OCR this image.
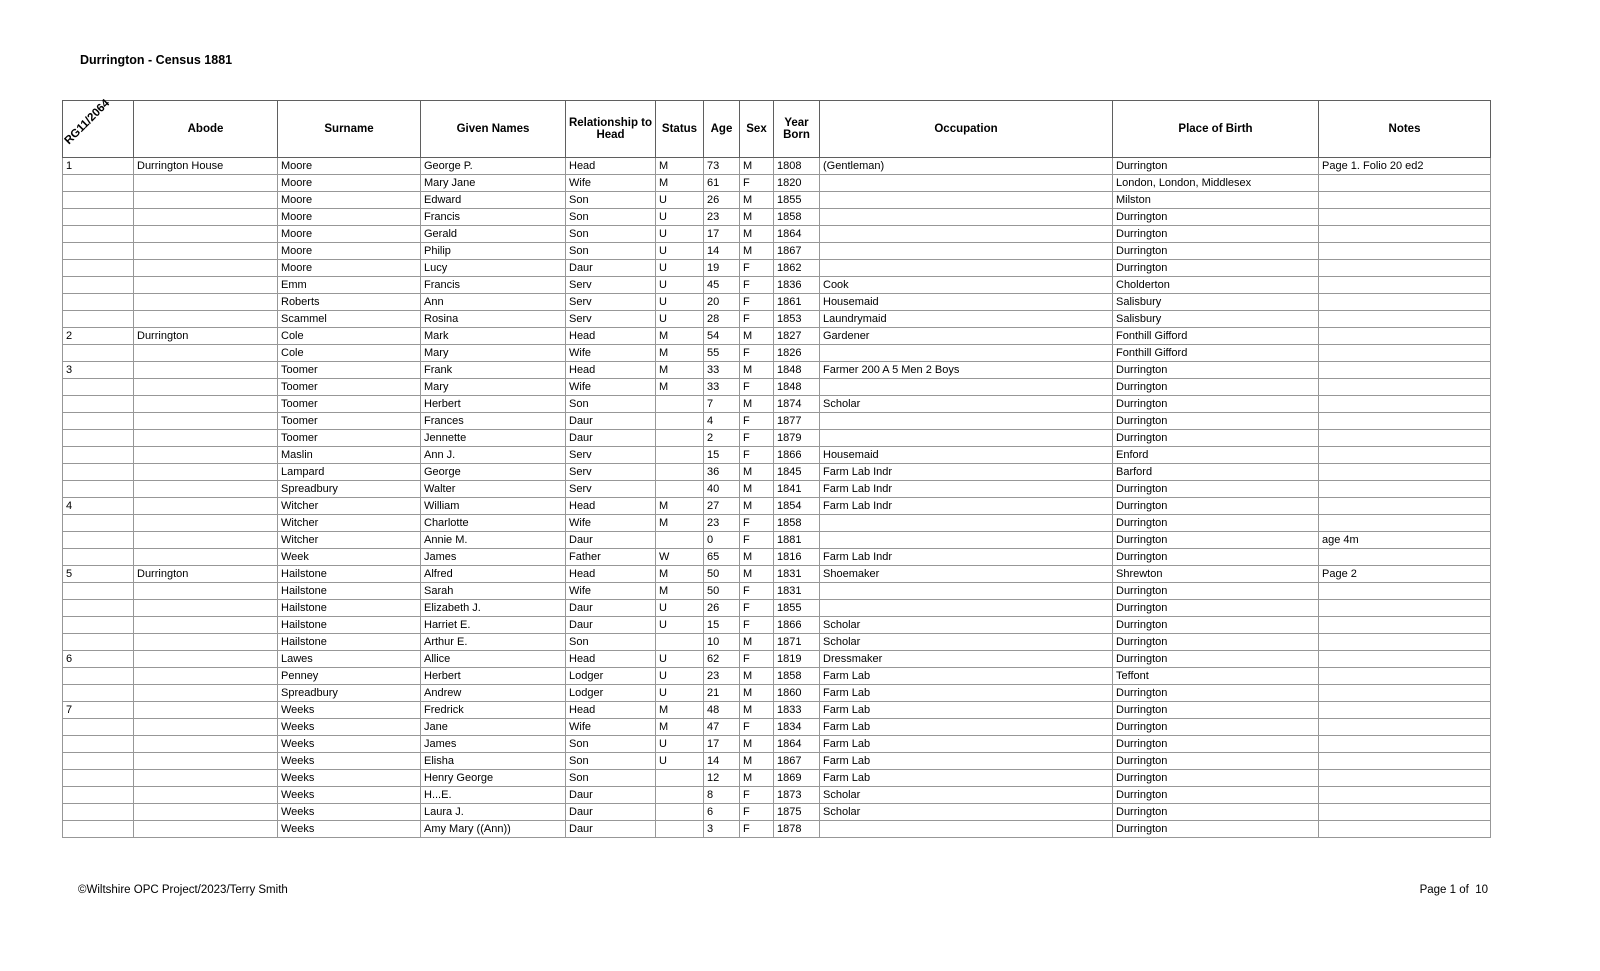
Durrington - Census 1881
RG11/2064	Abode	Surname	Given Names	Relationship to Head	Status	Age	Sex	Year Born	Occupation	Place of Birth	Notes
1	Durrington House	Moore	George P.	Head	M	73	M	1808	(Gentleman)	Durrington	Page 1. Folio 20 ed2
		Moore	Mary Jane	Wife	M	61	F	1820		London, London, Middlesex	
		Moore	Edward	Son	U	26	M	1855		Milston	
		Moore	Francis	Son	U	23	M	1858		Durrington	
		Moore	Gerald	Son	U	17	M	1864		Durrington	
		Moore	Philip	Son	U	14	M	1867		Durrington	
		Moore	Lucy	Daur	U	19	F	1862		Durrington	
		Emm	Francis	Serv	U	45	F	1836	Cook	Cholderton	
		Roberts	Ann	Serv	U	20	F	1861	Housemaid	Salisbury	
		Scammel	Rosina	Serv	U	28	F	1853	Laundrymaid	Salisbury	
2	Durrington	Cole	Mark	Head	M	54	M	1827	Gardener	Fonthill Gifford	
		Cole	Mary	Wife	M	55	F	1826		Fonthill Gifford	
3		Toomer	Frank	Head	M	33	M	1848	Farmer 200 A 5 Men 2 Boys	Durrington	
		Toomer	Mary	Wife	M	33	F	1848		Durrington	
		Toomer	Herbert	Son		7	M	1874	Scholar	Durrington	
		Toomer	Frances	Daur		4	F	1877		Durrington	
		Toomer	Jennette	Daur		2	F	1879		Durrington	
		Maslin	Ann J.	Serv		15	F	1866	Housemaid	Enford	
		Lampard	George	Serv		36	M	1845	Farm Lab Indr	Barford	
		Spreadbury	Walter	Serv		40	M	1841	Farm Lab Indr	Durrington	
4		Witcher	William	Head	M	27	M	1854	Farm Lab Indr	Durrington	
		Witcher	Charlotte	Wife	M	23	F	1858		Durrington	
		Witcher	Annie M.	Daur		0	F	1881		Durrington	age 4m
		Week	James	Father	W	65	M	1816	Farm Lab Indr	Durrington	
5	Durrington	Hailstone	Alfred	Head	M	50	M	1831	Shoemaker	Shrewton	Page 2
		Hailstone	Sarah	Wife	M	50	F	1831		Durrington	
		Hailstone	Elizabeth J.	Daur	U	26	F	1855		Durrington	
		Hailstone	Harriet E.	Daur	U	15	F	1866	Scholar	Durrington	
		Hailstone	Arthur E.	Son		10	M	1871	Scholar	Durrington	
6		Lawes	Allice	Head	U	62	F	1819	Dressmaker	Durrington	
		Penney	Herbert	Lodger	U	23	M	1858	Farm Lab	Teffont	
		Spreadbury	Andrew	Lodger	U	21	M	1860	Farm Lab	Durrington	
7		Weeks	Fredrick	Head	M	48	M	1833	Farm Lab	Durrington	
		Weeks	Jane	Wife	M	47	F	1834	Farm Lab	Durrington	
		Weeks	James	Son	U	17	M	1864	Farm Lab	Durrington	
		Weeks	Elisha	Son	U	14	M	1867	Farm Lab	Durrington	
		Weeks	Henry George	Son		12	M	1869	Farm Lab	Durrington	
		Weeks	H...E.	Daur		8	F	1873	Scholar	Durrington	
		Weeks	Laura J.	Daur		6	F	1875	Scholar	Durrington	
		Weeks	Amy Mary ((Ann))	Daur		3	F	1878		Durrington	
©Wiltshire OPC Project/2023/Terry Smith	Page 1 of  10
